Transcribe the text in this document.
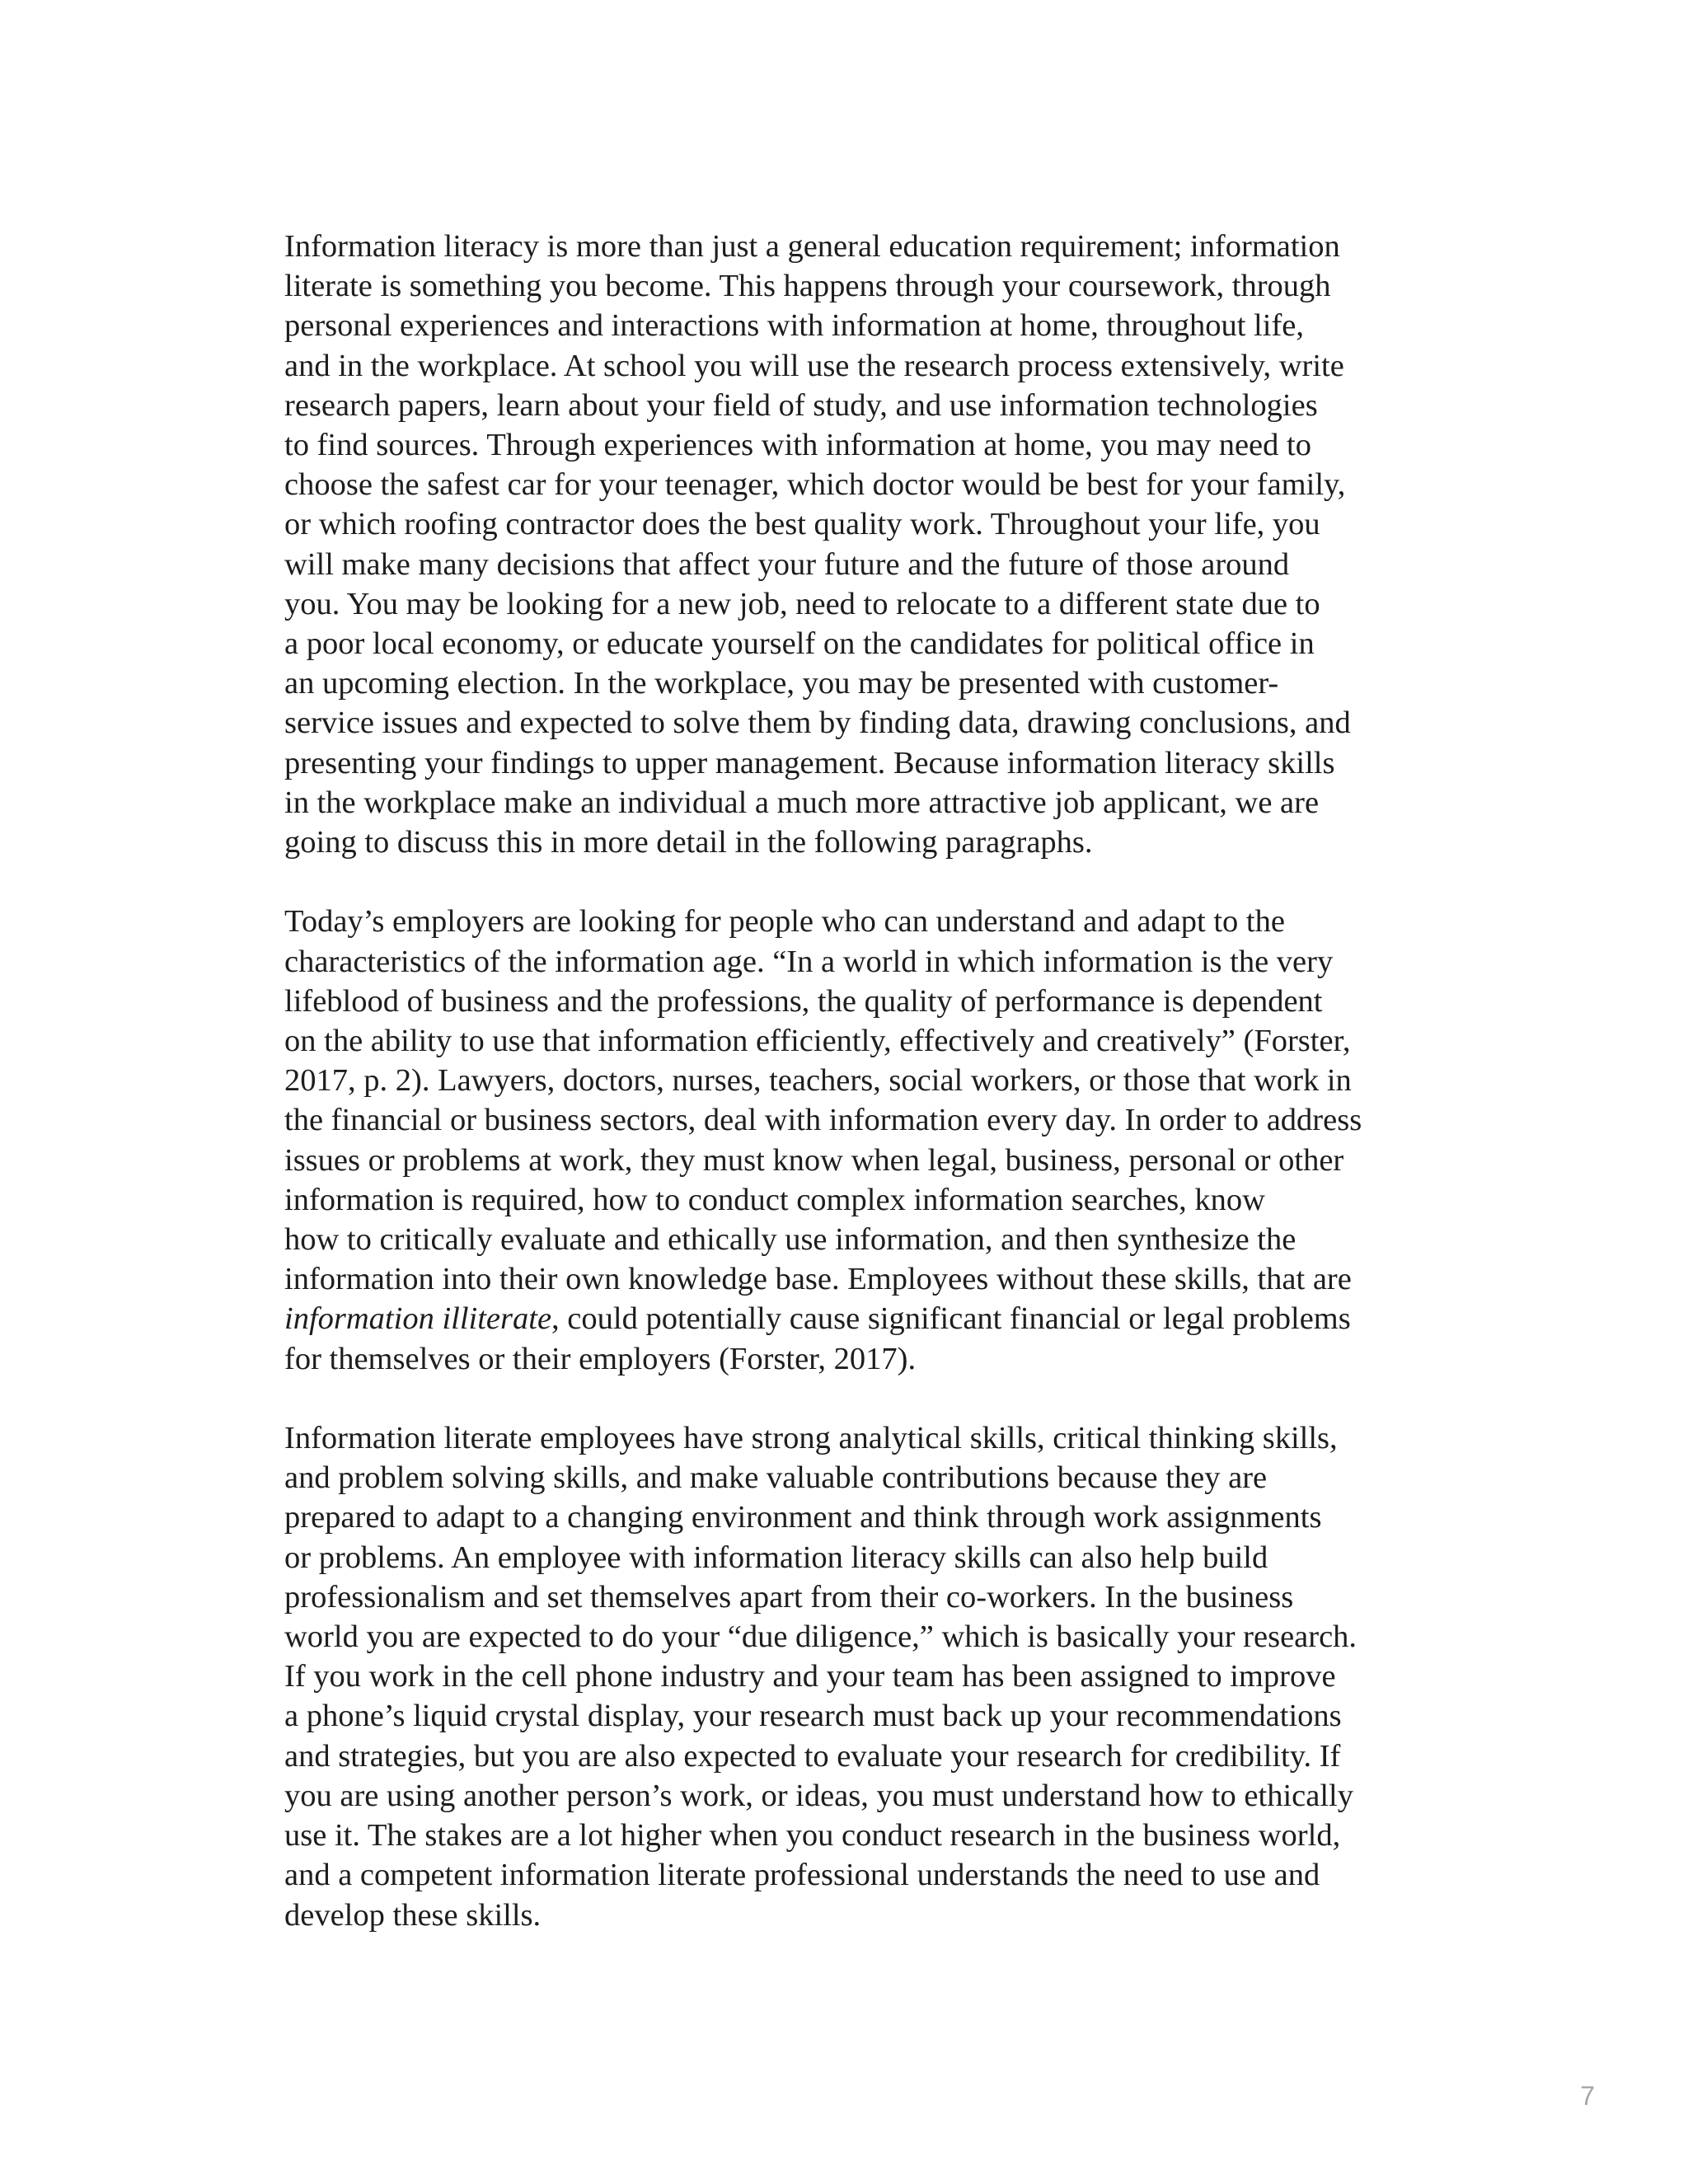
Information literacy is more than just a general education requirement; information
literate is something you become. This happens through your coursework, through
personal experiences and interactions with information at home, throughout life,
and in the workplace. At school you will use the research process extensively, write
research papers, learn about your field of study, and use information technologies
to find sources. Through experiences with information at home, you may need to
choose the safest car for your teenager, which doctor would be best for your family,
or which roofing contractor does the best quality work. Throughout your life, you
will make many decisions that affect your future and the future of those around
you. You may be looking for a new job, need to relocate to a different state due to
a poor local economy, or educate yourself on the candidates for political office in
an upcoming election. In the workplace, you may be presented with customer-
service issues and expected to solve them by finding data, drawing conclusions, and
presenting your findings to upper management. Because information literacy skills
in the workplace make an individual a much more attractive job applicant, we are
going to discuss this in more detail in the following paragraphs.

Today’s employers are looking for people who can understand and adapt to the
characteristics of the information age. “In a world in which information is the very
lifeblood of business and the professions, the quality of performance is dependent
on the ability to use that information efficiently, effectively and creatively” (Forster,
2017, p. 2). Lawyers, doctors, nurses, teachers, social workers, or those that work in
the financial or business sectors, deal with information every day. In order to address
issues or problems at work, they must know when legal, business, personal or other
information is required, how to conduct complex information searches, know
how to critically evaluate and ethically use information, and then synthesize the
information into their own knowledge base. Employees without these skills, that are
information illiterate, could potentially cause significant financial or legal problems
for themselves or their employers (Forster, 2017).

Information literate employees have strong analytical skills, critical thinking skills,
and problem solving skills, and make valuable contributions because they are
prepared to adapt to a changing environment and think through work assignments
or problems. An employee with information literacy skills can also help build
professionalism and set themselves apart from their co-workers. In the business
world you are expected to do your “due diligence,” which is basically your research.
If you work in the cell phone industry and your team has been assigned to improve
a phone’s liquid crystal display, your research must back up your recommendations
and strategies, but you are also expected to evaluate your research for credibility. If
you are using another person’s work, or ideas, you must understand how to ethically
use it. The stakes are a lot higher when you conduct research in the business world,
and a competent information literate professional understands the need to use and
develop these skills.

7
